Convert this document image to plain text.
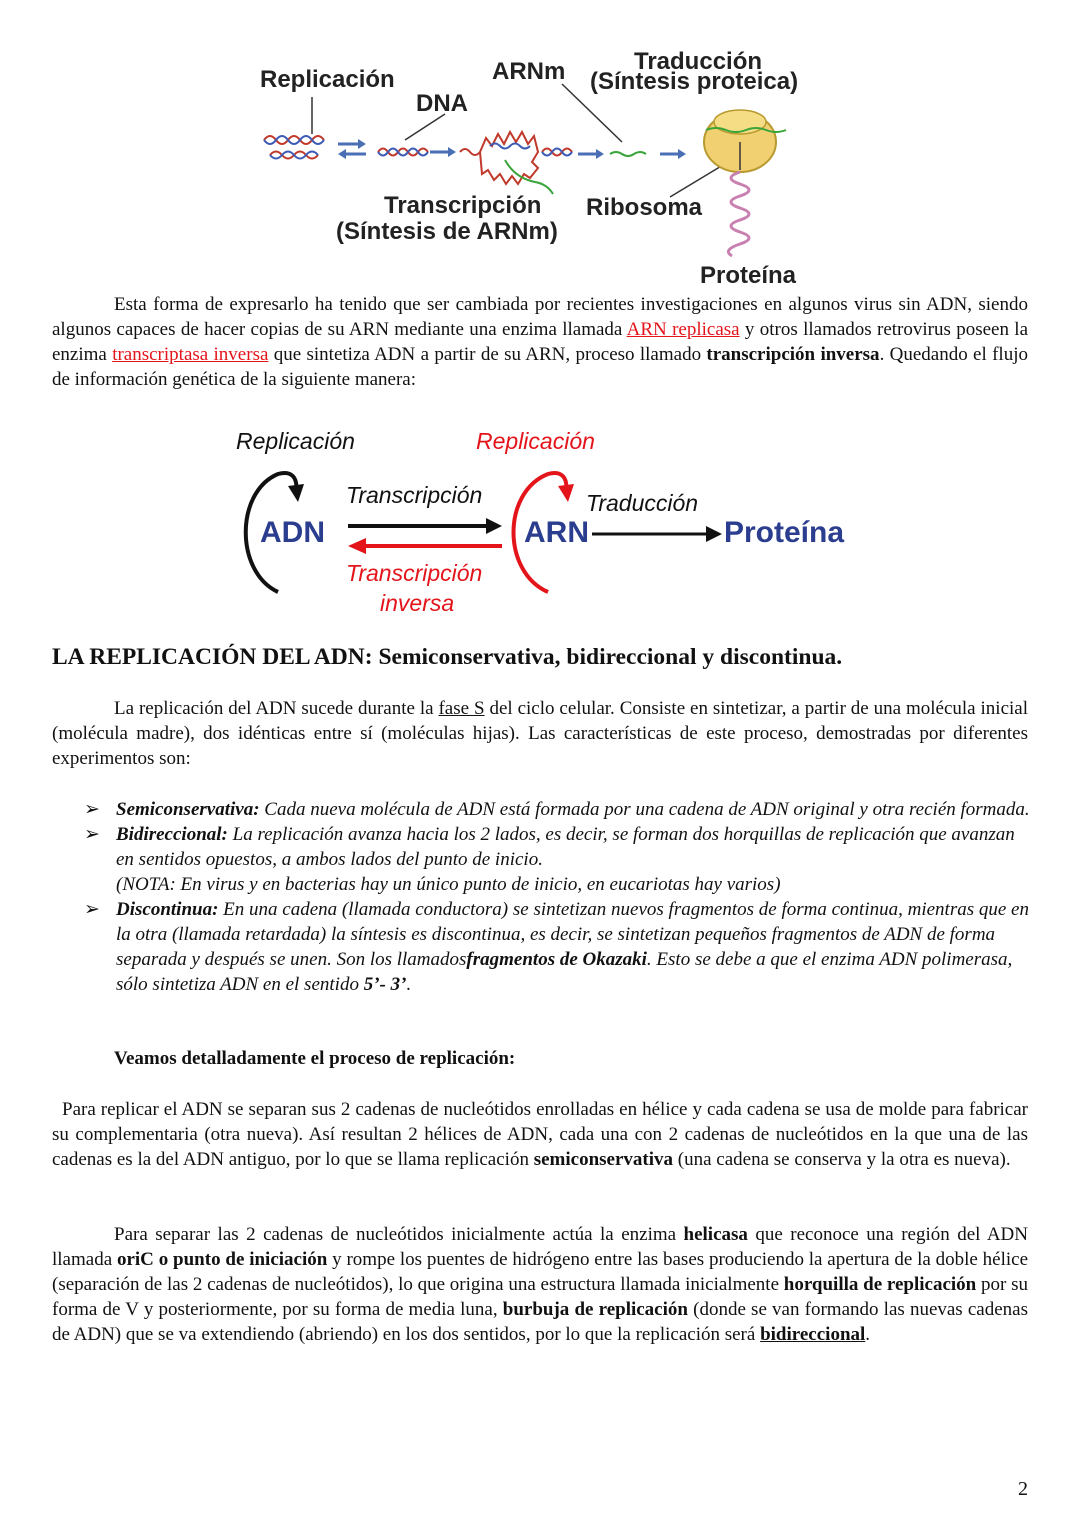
Replicación
DNA
ARNm	Traducción
(Síntesis proteica)
Transcripción
(Síntesis de ARNm)
Ribosoma
Proteína

Esta forma de expresarlo ha tenido que ser cambiada por recientes investigaciones en algunos virus sin ADN, siendo algunos capaces de hacer copias de su ARN mediante una enzima llamada ARN replicasa y otros llamados retrovirus poseen la enzima transcriptasa inversa que sintetiza ADN a partir de su ARN, proceso llamado transcripción inversa. Quedando el flujo de información genética de la siguiente manera:

Replicación	Replicación
Transcripción	Traducción
Transcripción
inversa
ADN	ARN	Proteína
LA REPLICACIÓN DEL ADN: Semiconservativa, bidireccional y discontinua.

La replicación del ADN sucede durante la fase S del ciclo celular. Consiste en sintetizar, a partir de una molécula inicial (molécula madre), dos idénticas entre sí (moléculas hijas). Las características de este proceso, demostradas por diferentes experimentos son:

➢ Semiconservativa: Cada nueva molécula de ADN está formada por una cadena de ADN original y otra recién formada.
➢ Bidireccional: La replicación avanza hacia los 2 lados, es decir, se forman dos horquillas de replicación que avanzan en sentidos opuestos, a ambos lados del punto de inicio.
(NOTA: En virus y en bacterias hay un único punto de inicio, en eucariotas hay varios)
➢ Discontinua: En una cadena (llamada conductora) se sintetizan nuevos fragmentos de forma continua, mientras que en la otra (llamada retardada) la síntesis es discontinua, es decir, se sintetizan pequeños fragmentos de ADN de forma separada y después se unen. Son los llamadosfragmentos de Okazaki. Esto se debe a que el enzima ADN polimerasa, sólo sintetiza ADN en el sentido 5’- 3’.

Veamos detalladamente el proceso de replicación:

Para replicar el ADN se separan sus 2 cadenas de nucleótidos enrolladas en hélice y cada cadena se usa de molde para fabricar su complementaria (otra nueva). Así resultan 2 hélices de ADN, cada una con 2 cadenas de nucleótidos en la que una de las cadenas es la del ADN antiguo, por lo que se llama replicación semiconservativa (una cadena se conserva y la otra es nueva).

Para separar las 2 cadenas de nucleótidos inicialmente actúa la enzima helicasa que reconoce una región del ADN llamada oriC o punto de iniciación y rompe los puentes de hidrógeno entre las bases produciendo la apertura de la doble hélice (separación de las 2 cadenas de nucleótidos), lo que origina una estructura llamada inicialmente horquilla de replicación por su forma de V y posteriormente, por su forma de media luna, burbuja de replicación (donde se van formando las nuevas cadenas de ADN) que se va extendiendo (abriendo) en los dos sentidos, por lo que la replicación será bidireccional.

2
